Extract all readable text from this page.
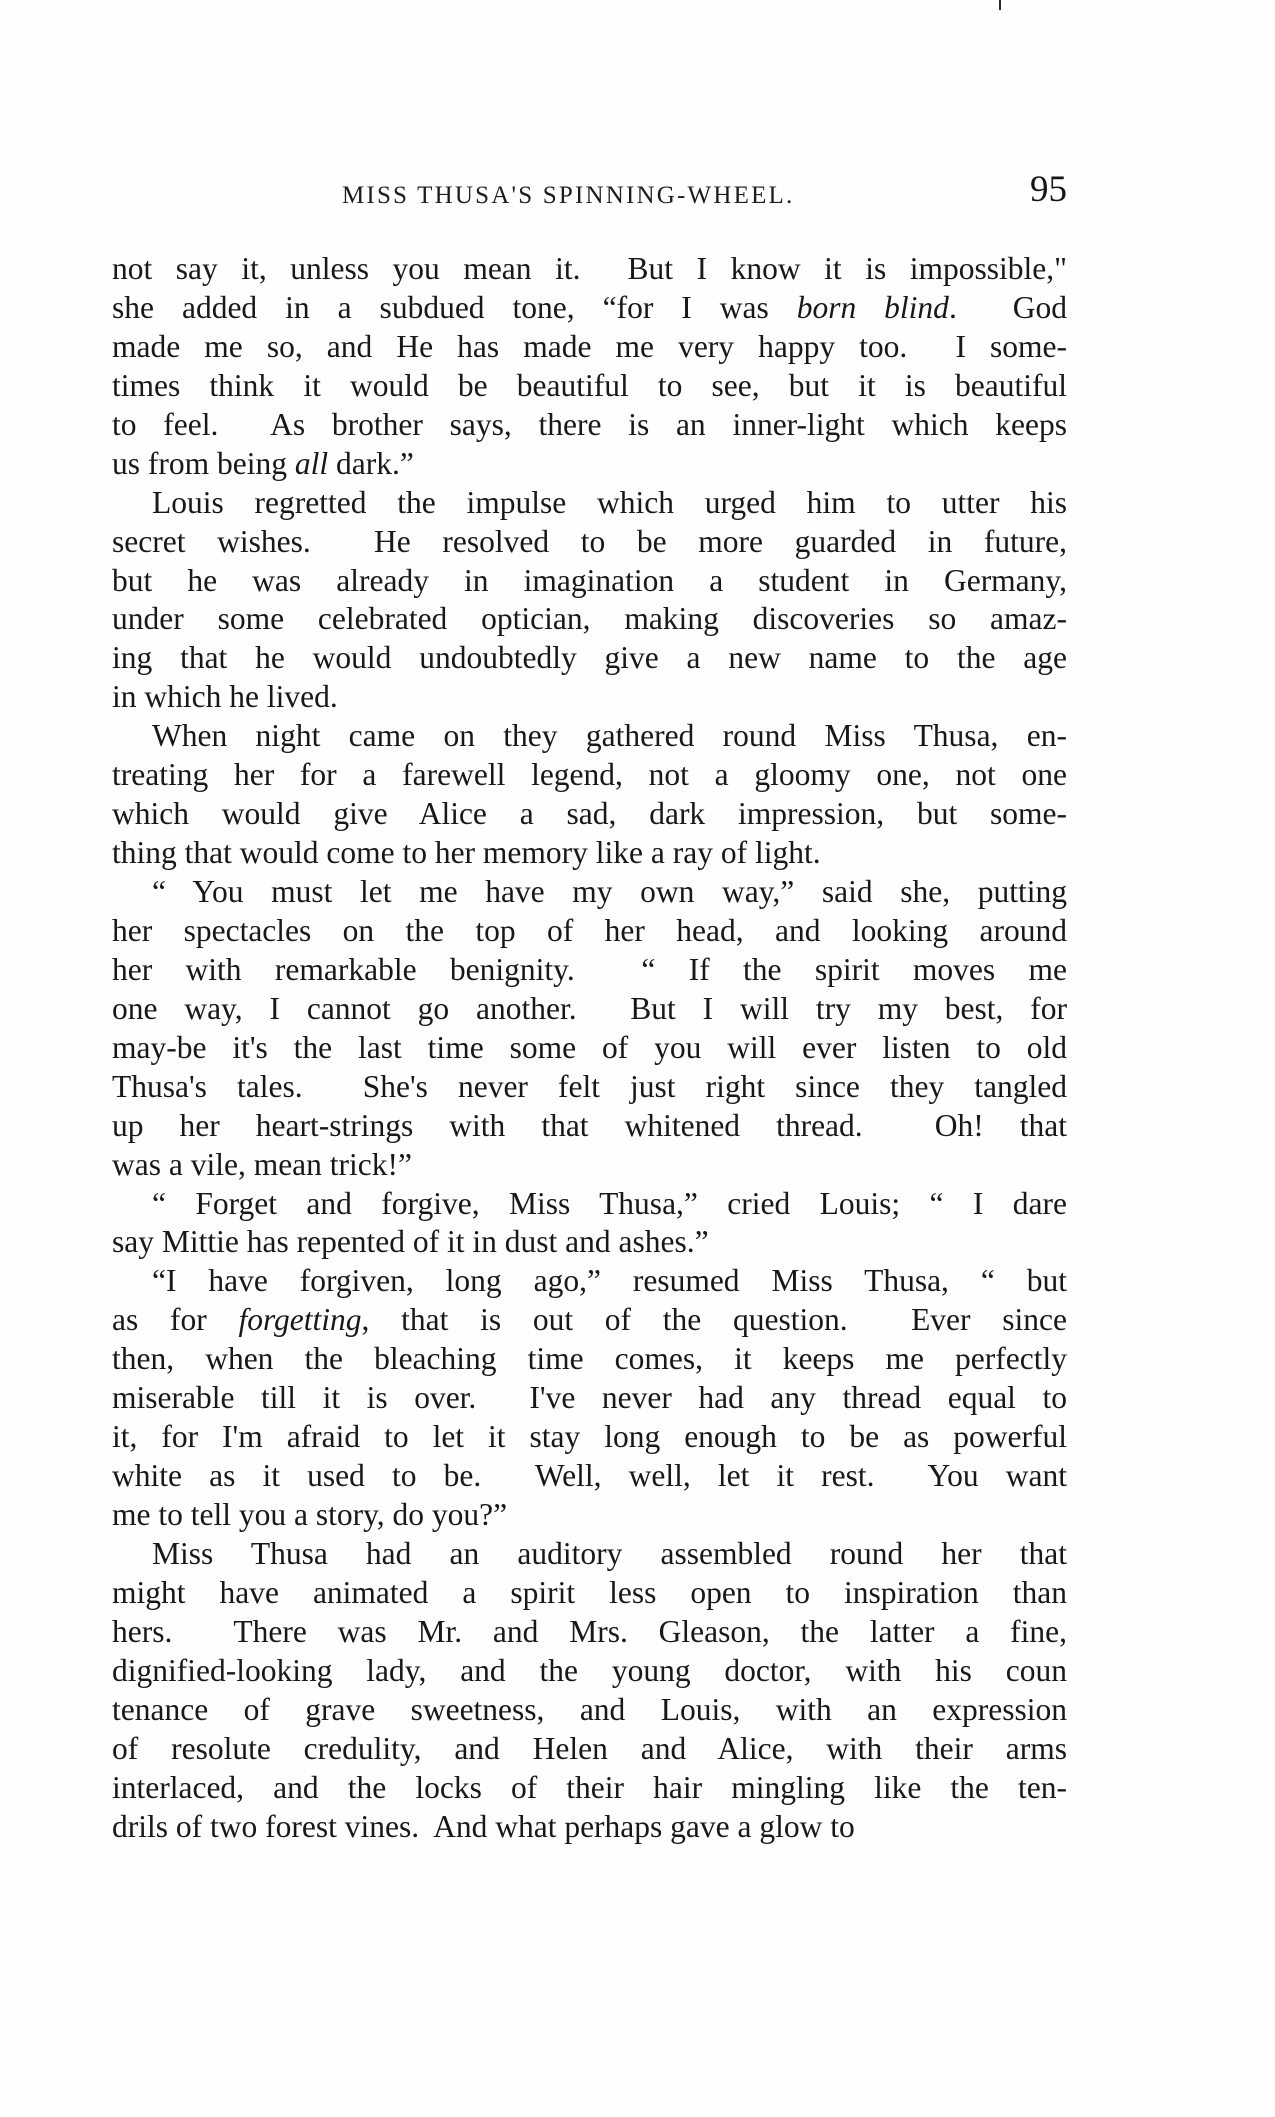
MISS THUSA'S SPINNING-WHEEL.	95
not say it, unless you mean it.  But I know it is impossible,"
she added in a subdued tone, “for I was born blind.  God
made me so, and He has made me very happy too.  I some-
times think it would be beautiful to see, but it is beautiful
to feel.  As brother says, there is an inner-light which keeps
us from being all dark.”
Louis regretted the impulse which urged him to utter his
secret wishes.  He resolved to be more guarded in future,
but he was already in imagination a student in Germany,
under some celebrated optician, making discoveries so amaz-
ing that he would undoubtedly give a new name to the age
in which he lived.
When night came on they gathered round Miss Thusa, en-
treating her for a farewell legend, not a gloomy one, not one
which would give Alice a sad, dark impression, but some-
thing that would come to her memory like a ray of light.
“ You must let me have my own way,” said she, putting
her spectacles on the top of her head, and looking around
her with remarkable benignity.  “ If the spirit moves me
one way, I cannot go another.  But I will try my best, for
may-be it's the last time some of you will ever listen to old
Thusa's tales.  She's never felt just right since they tangled
up her heart-strings with that whitened thread.  Oh! that
was a vile, mean trick!”
“ Forget and forgive, Miss Thusa,” cried Louis; “ I dare
say Mittie has repented of it in dust and ashes.”
“I have forgiven, long ago,” resumed Miss Thusa, “ but
as for forgetting, that is out of the question.  Ever since
then, when the bleaching time comes, it keeps me perfectly
miserable till it is over.  I've never had any thread equal to
it, for I'm afraid to let it stay long enough to be as powerful
white as it used to be.  Well, well, let it rest.  You want
me to tell you a story, do you?”
Miss Thusa had an auditory assembled round her that
might have animated a spirit less open to inspiration than
hers.  There was Mr. and Mrs. Gleason, the latter a fine,
dignified-looking lady, and the young doctor, with his coun
tenance of grave sweetness, and Louis, with an expression
of resolute credulity, and Helen and Alice, with their arms
interlaced, and the locks of their hair mingling like the ten-
drils of two forest vines.  And what perhaps gave a glow to
